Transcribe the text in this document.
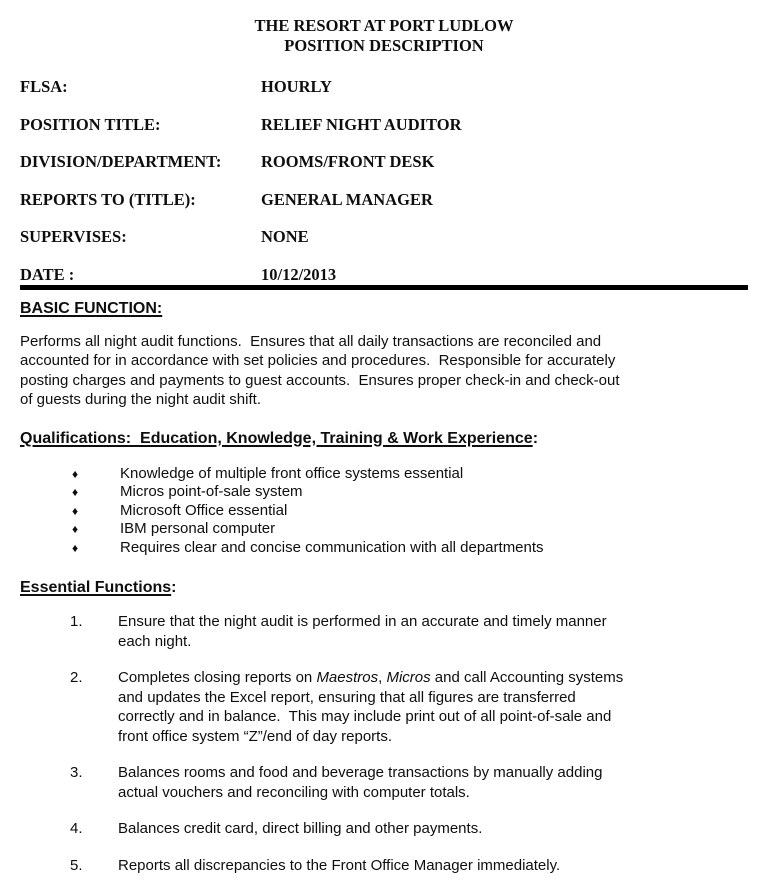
THE RESORT AT PORT LUDLOW
POSITION DESCRIPTION
FLSA:	HOURLY
POSITION TITLE:	RELIEF NIGHT AUDITOR
DIVISION/DEPARTMENT:	ROOMS/FRONT DESK
REPORTS TO (TITLE):	GENERAL MANAGER
SUPERVISES:	NONE
DATE :	10/12/2013
BASIC FUNCTION:
Performs all night audit functions.  Ensures that all daily transactions are reconciled and
accounted for in accordance with set policies and procedures.  Responsible for accurately
posting charges and payments to guest accounts.  Ensures proper check-in and check-out
of guests during the night audit shift.
Qualifications:  Education, Knowledge, Training & Work Experience:
♦	Knowledge of multiple front office systems essential
♦	Micros point-of-sale system
♦	Microsoft Office essential
♦	IBM personal computer
♦	Requires clear and concise communication with all departments
Essential Functions:
1.	Ensure that the night audit is performed in an accurate and timely manner
each night.
2.	Completes closing reports on Maestros, Micros and call Accounting systems
and updates the Excel report, ensuring that all figures are transferred
correctly and in balance.  This may include print out of all point-of-sale and
front office system “Z”/end of day reports.
3.	Balances rooms and food and beverage transactions by manually adding
actual vouchers and reconciling with computer totals.
4.	Balances credit card, direct billing and other payments.
5.	Reports all discrepancies to the Front Office Manager immediately.
